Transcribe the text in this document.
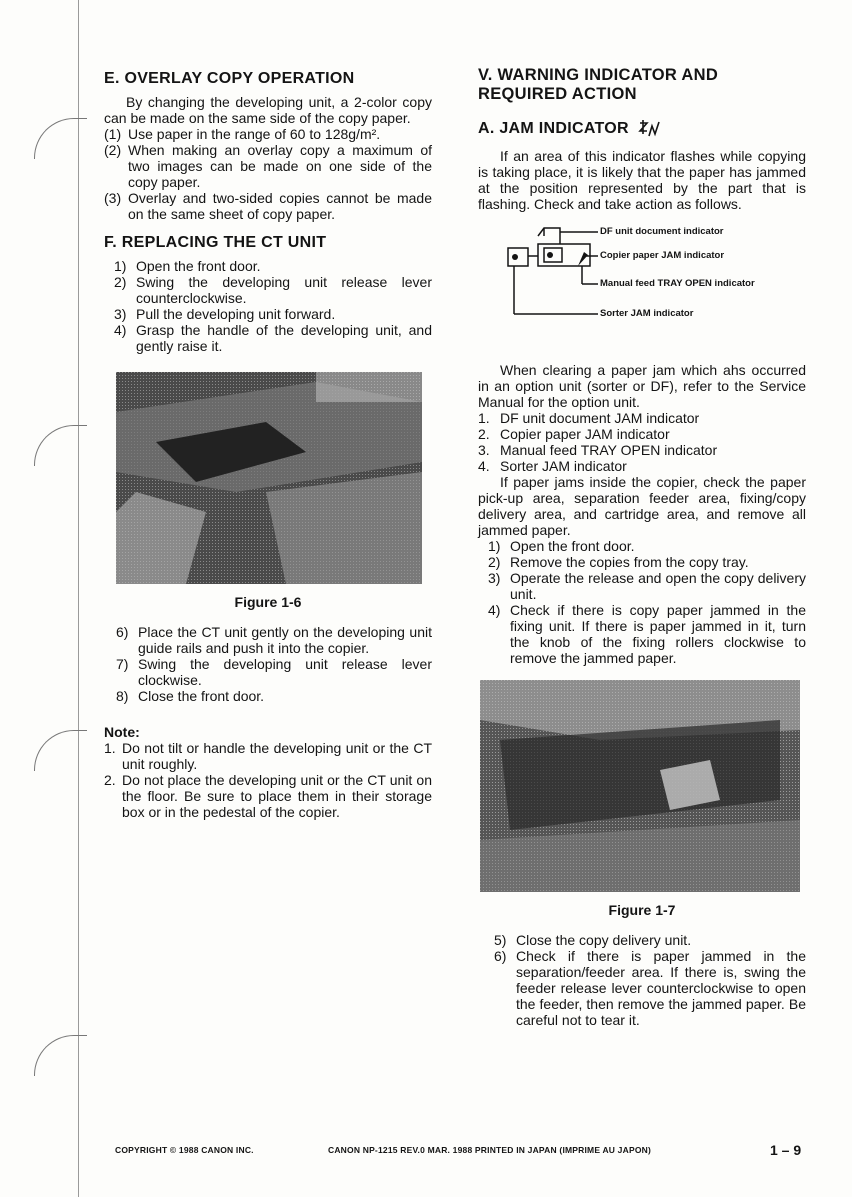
E. OVERLAY COPY OPERATION

By changing the developing unit, a 2-color copy can be made on the same side of the copy paper.

(1) Use paper in the range of 60 to 128g/m².
(2) When making an overlay copy a maximum of two images can be made on one side of the copy paper.
(3) Overlay and two-sided copies cannot be made on the same sheet of copy paper.
F. REPLACING THE CT UNIT
1) Open the front door.
2) Swing the developing unit release lever counterclockwise.
3) Pull the developing unit forward.
4) Grasp the handle of the developing unit, and gently raise it.
Figure 1-6
6) Place the CT unit gently on the developing unit guide rails and push it into the copier.
7) Swing the developing unit release lever clockwise.
8) Close the front door.
Note:
1. Do not tilt or handle the developing unit or the CT unit roughly.
2. Do not place the developing unit or the CT unit on the floor. Be sure to place them in their storage box or in the pedestal of the copier.
V. WARNING INDICATOR AND REQUIRED ACTION
A. JAM INDICATOR

If an area of this indicator flashes while copying is taking place, it is likely that the paper has jammed at the position represented by the part that is flashing. Check and take action as follows.

DF unit document indicator
Copier paper JAM indicator
Manual feed TRAY OPEN indicator
Sorter JAM indicator

When clearing a paper jam which ahs occurred in an option unit (sorter or DF), refer to the Service Manual for the option unit.

1. DF unit document JAM indicator
2. Copier paper JAM indicator
3. Manual feed TRAY OPEN indicator
4. Sorter JAM indicator

If paper jams inside the copier, check the paper pick-up area, separation feeder area, fixing/copy delivery area, and cartridge area, and remove all jammed paper.

1) Open the front door.
2) Remove the copies from the copy tray.
3) Operate the release and open the copy delivery unit.
4) Check if there is copy paper jammed in the fixing unit. If there is paper jammed in it, turn the knob of the fixing rollers clockwise to remove the jammed paper.
Figure 1-7
5) Close the copy delivery unit.
6) Check if there is paper jammed in the separation/feeder area. If there is, swing the feeder release lever counterclockwise to open the feeder, then remove the jammed paper. Be careful not to tear it.
COPYRIGHT © 1988 CANON INC.	CANON NP-1215 REV.0 MAR. 1988 PRINTED IN JAPAN (IMPRIME AU JAPON)	1 – 9
